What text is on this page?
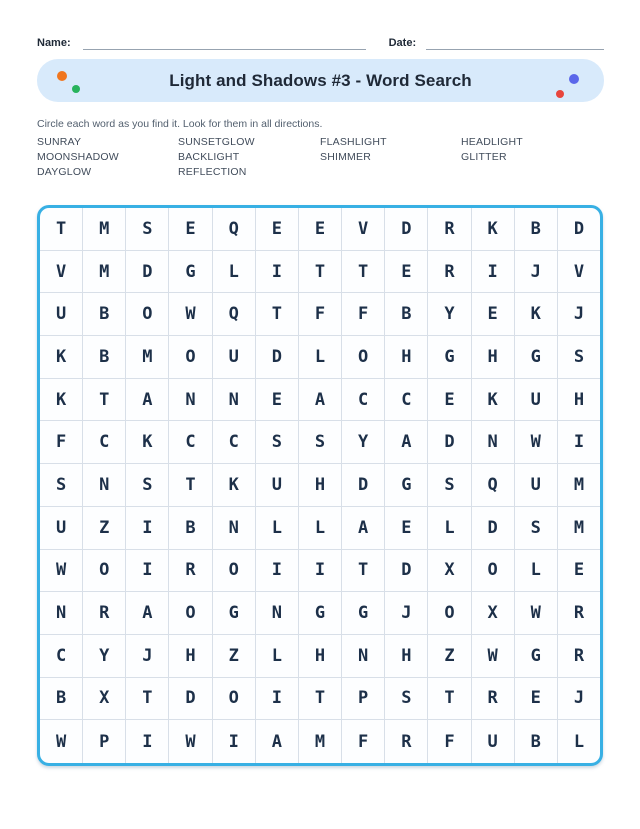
Name:	Date:
Light and Shadows #3 - Word Search

Circle each word as you find it. Look for them in all directions.

SUNRAY	SUNSETGLOW	FLASHLIGHT	HEADLIGHT
MOONSHADOW	BACKLIGHT	SHIMMER	GLITTER
DAYGLOW	REFLECTION
T	M	S	E	Q	E	E	V	D	R	K	B	D
V	M	D	G	L	I	T	T	E	R	I	J	V
U	B	O	W	Q	T	F	F	B	Y	E	K	J
K	B	M	O	U	D	L	O	H	G	H	G	S
K	T	A	N	N	E	A	C	C	E	K	U	H
F	C	K	C	C	S	S	Y	A	D	N	W	I
S	N	S	T	K	U	H	D	G	S	Q	U	M
U	Z	I	B	N	L	L	A	E	L	D	S	M
W	O	I	R	O	I	I	T	D	X	O	L	E
N	R	A	O	G	N	G	G	J	O	X	W	R
C	Y	J	H	Z	L	H	N	H	Z	W	G	R
B	X	T	D	O	I	T	P	S	T	R	E	J
W	P	I	W	I	A	M	F	R	F	U	B	L
